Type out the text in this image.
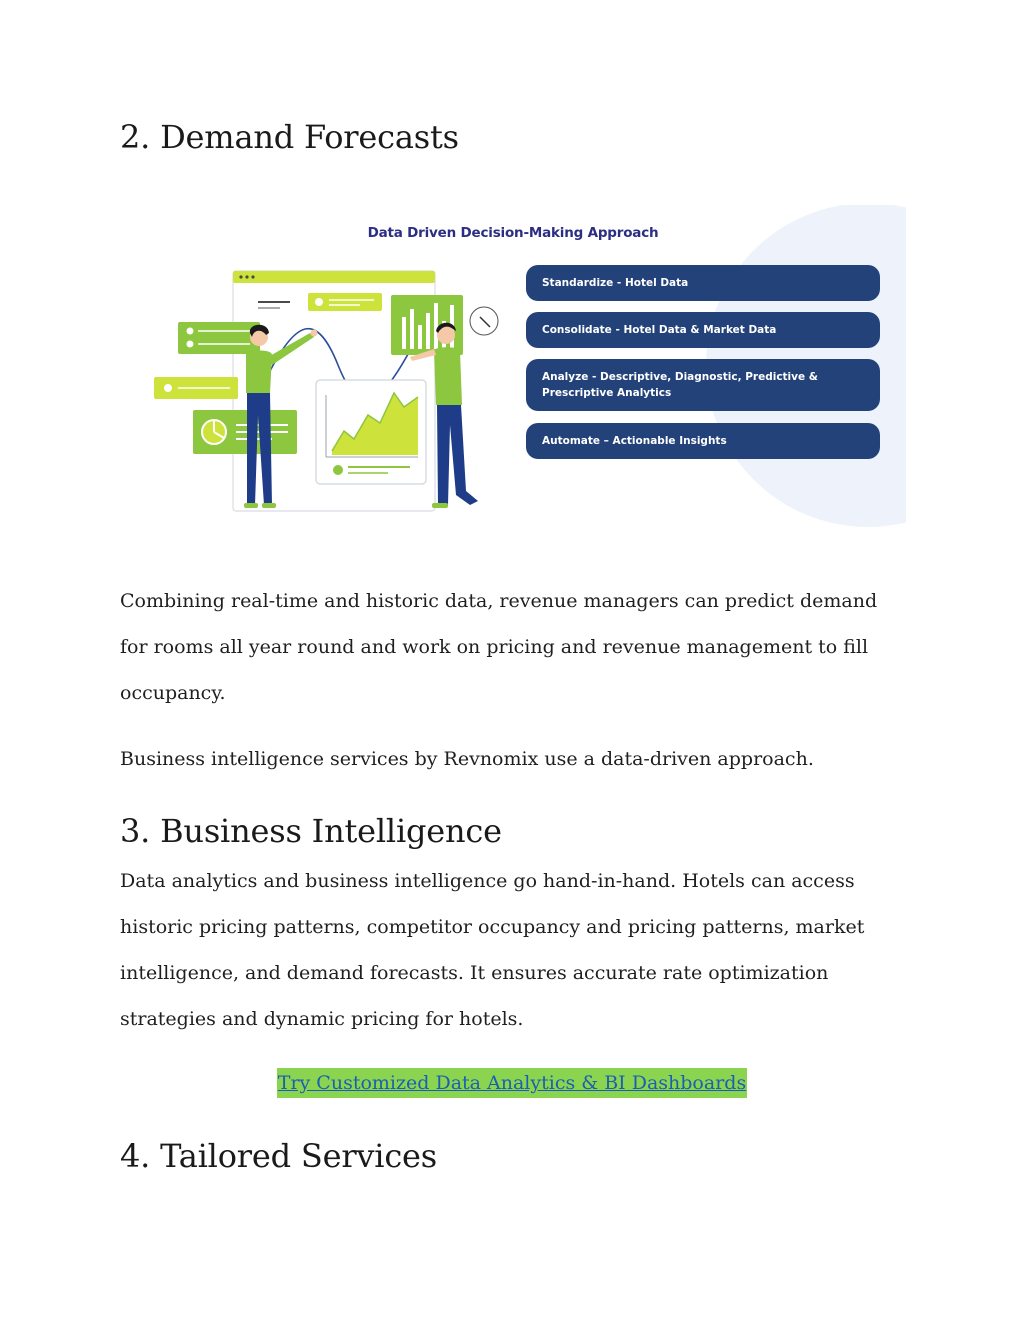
2. Demand Forecasts
Data Driven Decision-Making Approach
Standardize - Hotel Data
Consolidate - Hotel Data & Market Data
Analyze - Descriptive, Diagnostic, Predictive & Prescriptive Analytics
Automate – Actionable Insights

Combining real-time and historic data, revenue managers can predict demand for rooms all year round and work on pricing and revenue management to fill occupancy.

Business intelligence services by Revnomix use a data-driven approach.

3. Business Intelligence

Data analytics and business intelligence go hand-in-hand. Hotels can access historic pricing patterns, competitor occupancy and pricing patterns, market intelligence, and demand forecasts. It ensures accurate rate optimization strategies and dynamic pricing for hotels.

Try Customized Data Analytics & BI Dashboards
4. Tailored Services
